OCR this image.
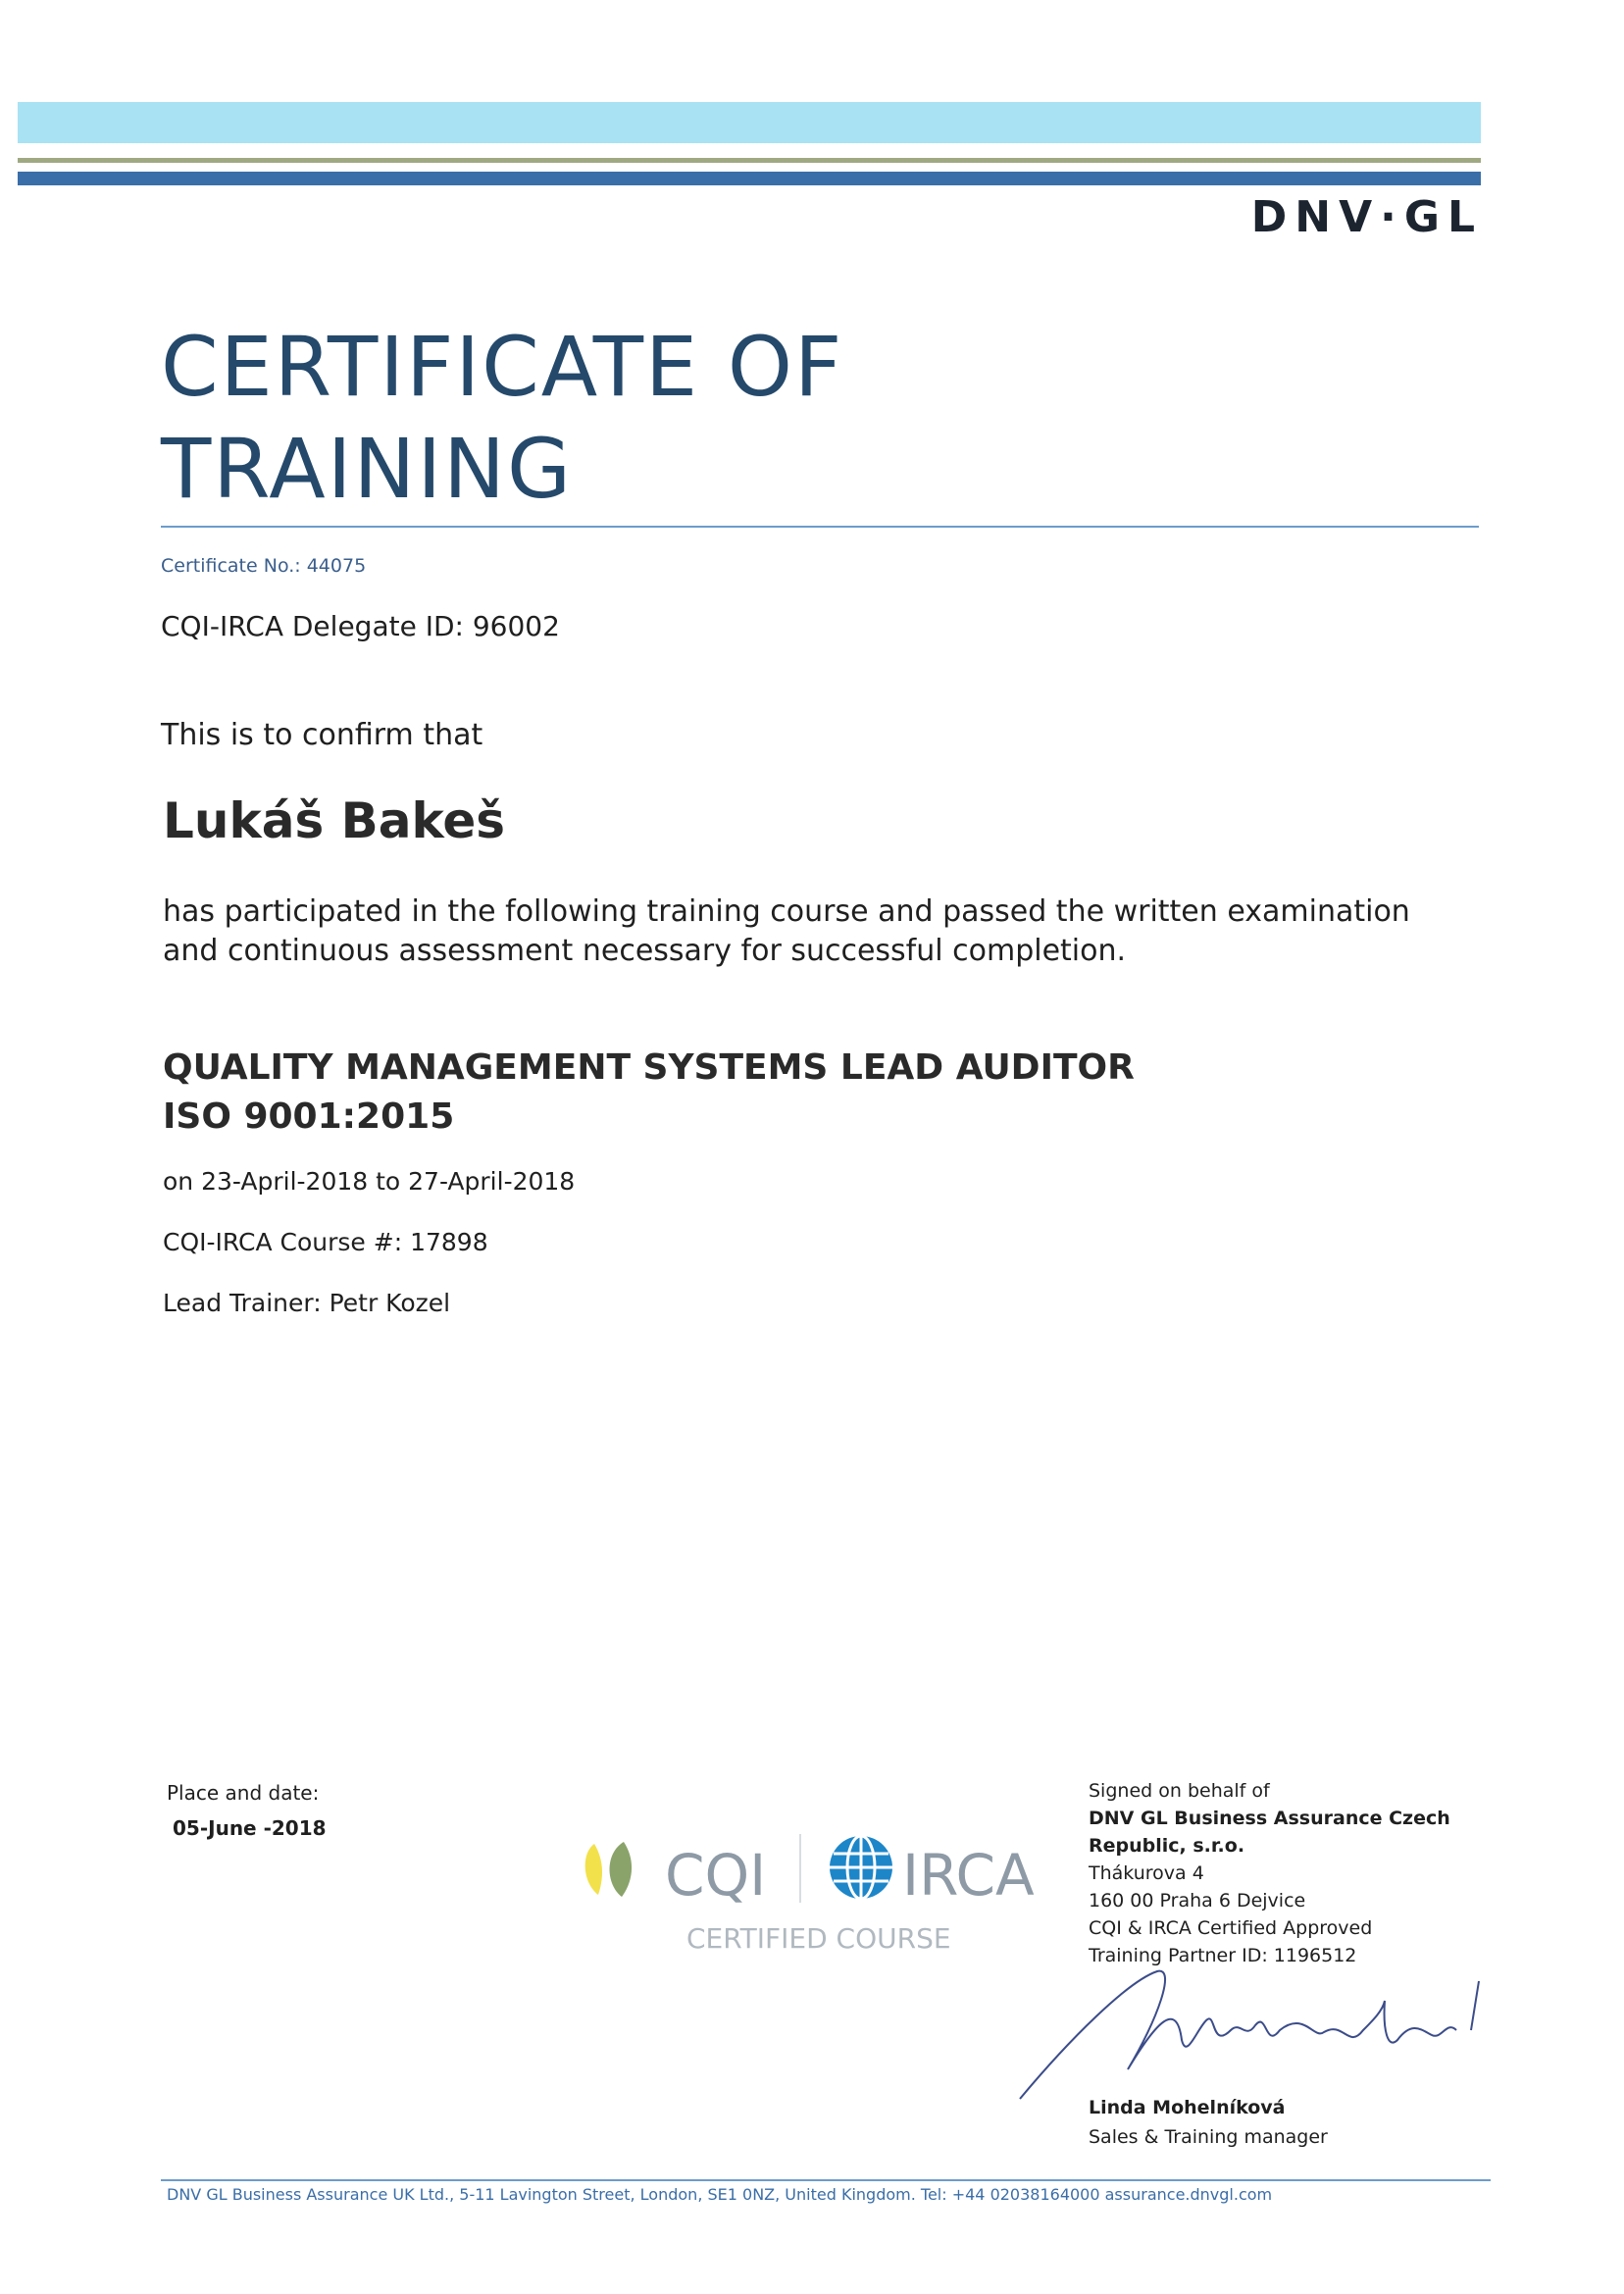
DNV·GL
CERTIFICATE OF
TRAINING
Certificate No.: 44075
CQI-IRCA Delegate ID: 96002
This is to confirm that
Lukáš Bakeš
has participated in the following training course and passed the written examination
and continuous assessment necessary for successful completion.
QUALITY MANAGEMENT SYSTEMS LEAD AUDITOR
ISO 9001:2015
on 23-April-2018 to 27-April-2018
CQI-IRCA Course #: 17898
Lead Trainer: Petr Kozel
Place and date:
05-June -2018
CQI IRCA
CERTIFIED COURSE
Signed on behalf of
DNV GL Business Assurance Czech
Republic, s.r.o.
Thákurova 4
160 00 Praha 6 Dejvice
CQI & IRCA Certified Approved
Training Partner ID: 1196512
Linda Mohelníková
Sales & Training manager
DNV GL Business Assurance UK Ltd., 5-11 Lavington Street, London, SE1 0NZ, United Kingdom. Tel: +44 02038164000 assurance.dnvgl.com
